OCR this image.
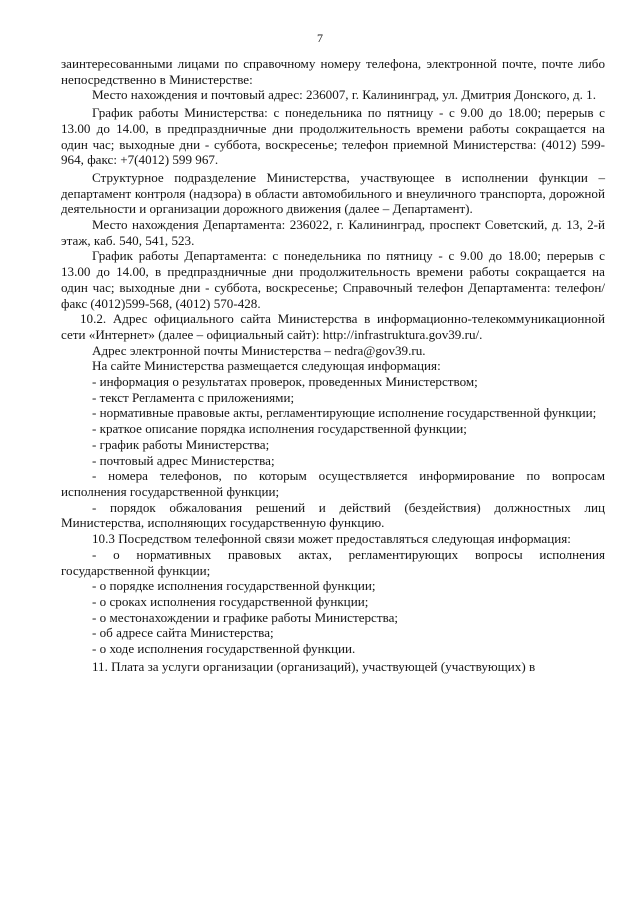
7

заинтересованными лицами по справочному номеру телефона, электронной почте, почте либо непосредственно в Министерстве:

Место нахождения и почтовый адрес: 236007, г. Калининград, ул. Дмитрия Донского, д. 1.

График работы Министерства: с понедельника по пятницу - с 9.00 до 18.00; перерыв с 13.00 до 14.00, в предпраздничные дни продолжительность времени работы сокращается на один час; выходные дни - суббота, воскресенье; телефон приемной Министерства: (4012) 599-964, факс: +7(4012) 599 967.

Структурное подразделение Министерства, участвующее в исполнении функции – департамент контроля (надзора) в области автомобильного и внеуличного транспорта, дорожной деятельности и организации дорожного движения (далее – Департамент).

Место нахождения Департамента: 236022, г. Калининград, проспект Советский, д. 13, 2-й этаж, каб. 540, 541, 523.

График работы Департамента: с понедельника по пятницу - с 9.00 до 18.00; перерыв с 13.00 до 14.00, в предпраздничные дни продолжительность времени работы сокращается на один час; выходные дни - суббота, воскресенье; Справочный телефон Департамента: телефон/факс (4012)599-568, (4012) 570-428.

10.2. Адрес официального сайта Министерства в информационно-телекоммуникационной сети «Интернет» (далее – официальный сайт): http://infrastruktura.gov39.ru/.

Адрес электронной почты Министерства – nedra@gov39.ru.

На сайте Министерства размещается следующая информация:

- информация о результатах проверок, проведенных Министерством;

- текст Регламента с приложениями;

- нормативные правовые акты, регламентирующие исполнение государственной функции;

- краткое описание порядка исполнения государственной функции;

- график работы Министерства;

- почтовый адрес Министерства;

- номера телефонов, по которым осуществляется информирование по вопросам исполнения государственной функции;

- порядок обжалования решений и действий (бездействия) должностных лиц Министерства, исполняющих государственную функцию.

10.3 Посредством телефонной связи может предоставляться следующая информация:

- о нормативных правовых актах, регламентирующих вопросы исполнения государственной функции;

- о порядке исполнения государственной функции;

- о сроках исполнения государственной функции;

- о местонахождении и графике работы Министерства;

- об адресе сайта Министерства;

- о ходе исполнения государственной функции.

11. Плата за услуги организации (организаций), участвующей (участвующих) в
